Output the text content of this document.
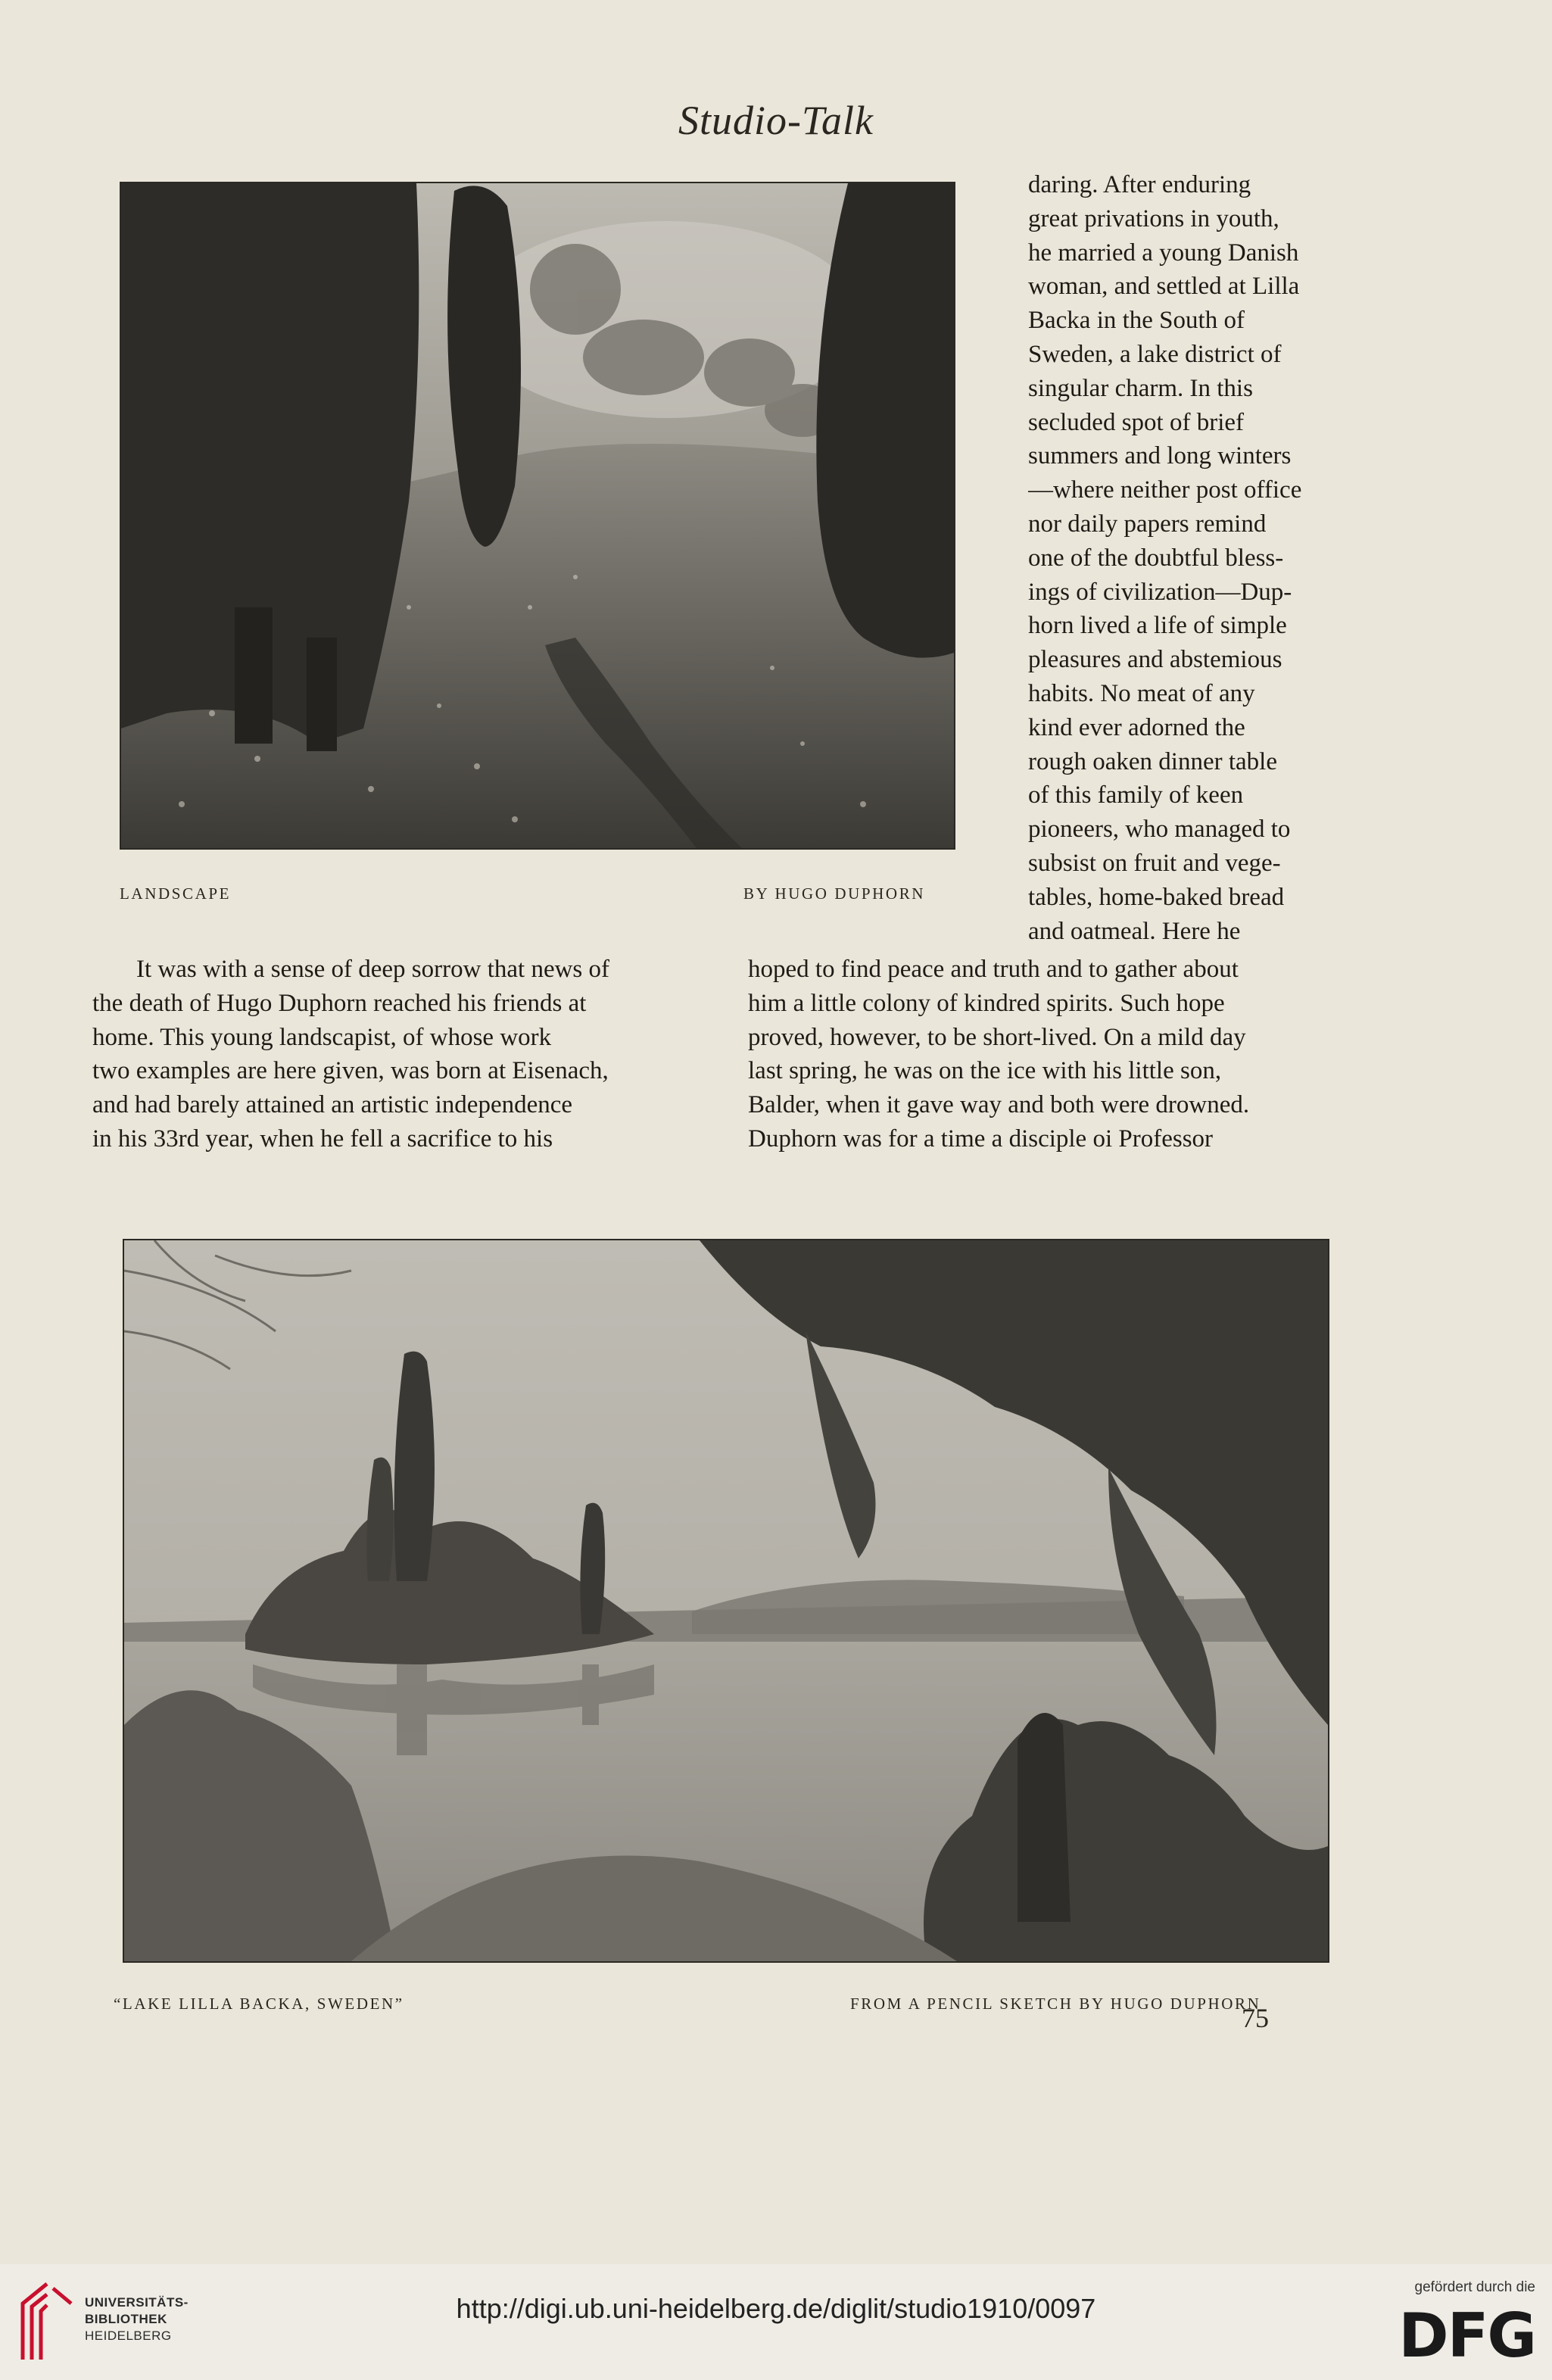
Studio-Talk
LANDSCAPE	BY HUGO DUPHORN
daring. After enduring
great privations in youth,
he married a young Danish
woman, and settled at Lilla
Backa in the South of
Sweden, a lake district of
singular charm. In this
secluded spot of brief
summers and long winters
—where neither post office
nor daily papers remind
one of the doubtful bless-
ings of civilization—Dup-
horn lived a life of simple
pleasures and abstemious
habits. No meat of any
kind ever adorned the
rough oaken dinner table
of this family of keen
pioneers, who managed to
subsist on fruit and vege-
tables, home-baked bread
and oatmeal. Here he
It was with a sense of deep sorrow that news of
the death of Hugo Duphorn reached his friends at
home. This young landscapist, of whose work
two examples are here given, was born at Eisenach,
and had barely attained an artistic independence
in his 33rd year, when he fell a sacrifice to his
hoped to find peace and truth and to gather about
him a little colony of kindred spirits. Such hope
proved, however, to be short-lived. On a mild day
last spring, he was on the ice with his little son,
Balder, when it gave way and both were drowned.
Duphorn was for a time a disciple oi Professor
“LAKE LILLA BACKA, SWEDEN”	FROM A PENCIL SKETCH BY HUGO DUPHORN
75
UNIVERSITÄTS-
BIBLIOTHEK
HEIDELBERG
http://digi.ub.uni-heidelberg.de/diglit/studio1910/0097
gefördert durch die
DFG
